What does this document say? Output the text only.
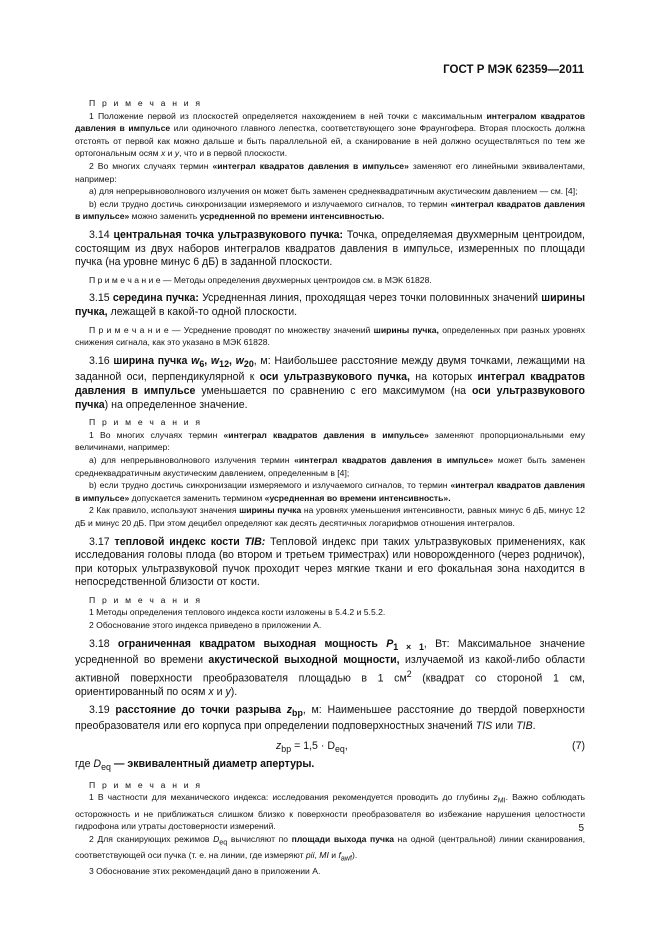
ГОСТ Р МЭК 62359—2011

П р и м е ч а н и я

1 Положение первой из плоскостей определяется нахождением в ней точки с максимальным интегралом квадратов давления в импульсе или одиночного главного лепестка, соответствующего зоне Фраунгофера. Вторая плоскость должна отстоять от первой как можно дальше и быть параллельной ей, а сканирование в ней должно осуществляться по тем же ортогональным осям x и y, что и в первой плоскости.

2 Во многих случаях термин «интеграл квадратов давления в импульсе» заменяют его линейными эквивалентами, например:

a) для непрерывноволнового излучения он может быть заменен среднеквадратичным акустическим давлением — см. [4];

b) если трудно достичь синхронизации измеряемого и излучаемого сигналов, то термин «интеграл квадратов давления в импульсе» можно заменить усредненной по времени интенсивностью.

3.14 центральная точка ультразвукового пучка: Точка, определяемая двухмерным центроидом, состоящим из двух наборов интегралов квадратов давления в импульсе, измеренных по площади пучка (на уровне минус 6 дБ) в заданной плоскости.

П р и м е ч а н и е — Методы определения двухмерных центроидов см. в МЭК 61828.

3.15 середина пучка: Усредненная линия, проходящая через точки половинных значений ширины пучка, лежащей в какой-то одной плоскости.

П р и м е ч а н и е — Усреднение проводят по множеству значений ширины пучка, определенных при разных уровнях снижения сигнала, как это указано в МЭК 61828.

3.16 ширина пучка $w_6$, $w_{12}$, $w_{20}$, м: Наибольшее расстояние между двумя точками, лежащими на заданной оси, перпендикулярной к оси ультразвукового пучка, на которых интеграл квадратов давления в импульсе уменьшается по сравнению с его максимумом (на оси ультразвукового пучка) на определенное значение.

П р и м е ч а н и я

1 Во многих случаях термин «интеграл квадратов давления в импульсе» заменяют пропорциональными ему величинами, например:

a) для непрерывноволнового излучения термин «интеграл квадратов давления в импульсе» может быть заменен среднеквадратичным акустическим давлением, определенным в [4];

b) если трудно достичь синхронизации измеряемого и излучаемого сигналов, то термин «интеграл квадратов давления в импульсе» допускается заменить термином «усредненная во времени интенсивность».

2 Как правило, используют значения ширины пучка на уровнях уменьшения интенсивности, равных минус 6 дБ, минус 12 дБ и минус 20 дБ. При этом децибел определяют как десять десятичных логарифмов отношения интегралов.

3.17 тепловой индекс кости TIB: Тепловой индекс при таких ультразвуковых применениях, как исследования головы плода (во втором и третьем триместрах) или новорожденного (через родничок), при которых ультразвуковой пучок проходит через мягкие ткани и его фокальная зона находится в непосредственной близости от кости.

П р и м е ч а н и я

1 Методы определения теплового индекса кости изложены в 5.4.2 и 5.5.2.

2 Обоснование этого индекса приведено в приложении А.

3.18 ограниченная квадратом выходная мощность $P_{1 \times 1}$, Вт: Максимальное значение усредненной во времени акустической выходной мощности, излучаемой из какой-либо области активной поверхности преобразователя площадью в 1 $см^2$ (квадрат со стороной 1 см, ориентированный по осям x и y).

3.19 расстояние до точки разрыва $z_{bp}$, м: Наименьшее расстояние до твердой поверхности преобразователя или его корпуса при определении подповерхностных значений TIS или TIB.

$z_{bp} = 1,5 \cdot D_{eq}$,	(7)

где $D_{eq}$ — эквивалентный диаметр апертуры.

П р и м е ч а н и я

1 В частности для механического индекса: исследования рекомендуется проводить до глубины $z_{MI}$. Важно соблюдать осторожность и не приближаться слишком близко к поверхности преобразователя во избежание нарушения целостности гидрофона или утраты достоверности измерений.

2 Для сканирующих режимов $D_{eq}$ вычисляют по площади выхода пучка на одной (центральной) линии сканирования, соответствующей оси пучка (т. е. на линии, где измеряют pii, MI и $f_{awf}$).

3 Обоснование этих рекомендаций дано в приложении А.

5
